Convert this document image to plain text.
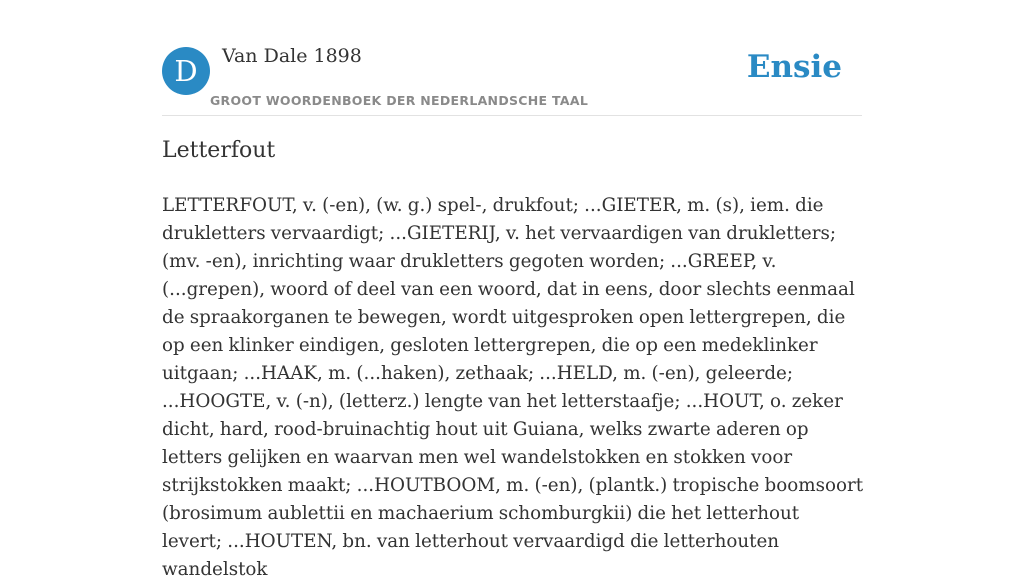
D	Van Dale 1898
GROOT WOORDENBOEK DER NEDERLANDSCHE TAAL
Ensie
Letterfout

LETTERFOUT, v. (-en), (w. g.) spel-, drukfout; ...GIETER, m. (s), iem. die drukletters vervaardigt; ...GIETERIJ, v. het vervaardigen van drukletters; (mv. -en), inrichting waar drukletters gegoten worden; ...GREEP, v. (...grepen), woord of deel van een woord, dat in eens, door slechts eenmaal de spraakorganen te bewegen, wordt uitgesproken open lettergrepen, die op een klinker eindigen, gesloten lettergrepen, die op een medeklinker uitgaan; ...HAAK, m. (...haken), zethaak; ...HELD, m. (-en), geleerde; ...HOOGTE, v. (-n), (letterz.) lengte van het letterstaafje; ...HOUT, o. zeker dicht, hard, rood-bruinachtig hout uit Guiana, welks zwarte aderen op letters gelijken en waarvan men wel wandelstokken en stokken voor strijkstokken maakt; ...HOUTBOOM, m. (-en), (plantk.) tropische boomsoort (brosimum aublettii en machaerium schomburgkii) die het letterhout levert; ...HOUTEN, bn. van letterhout vervaardigd die letterhouten wandelstok
